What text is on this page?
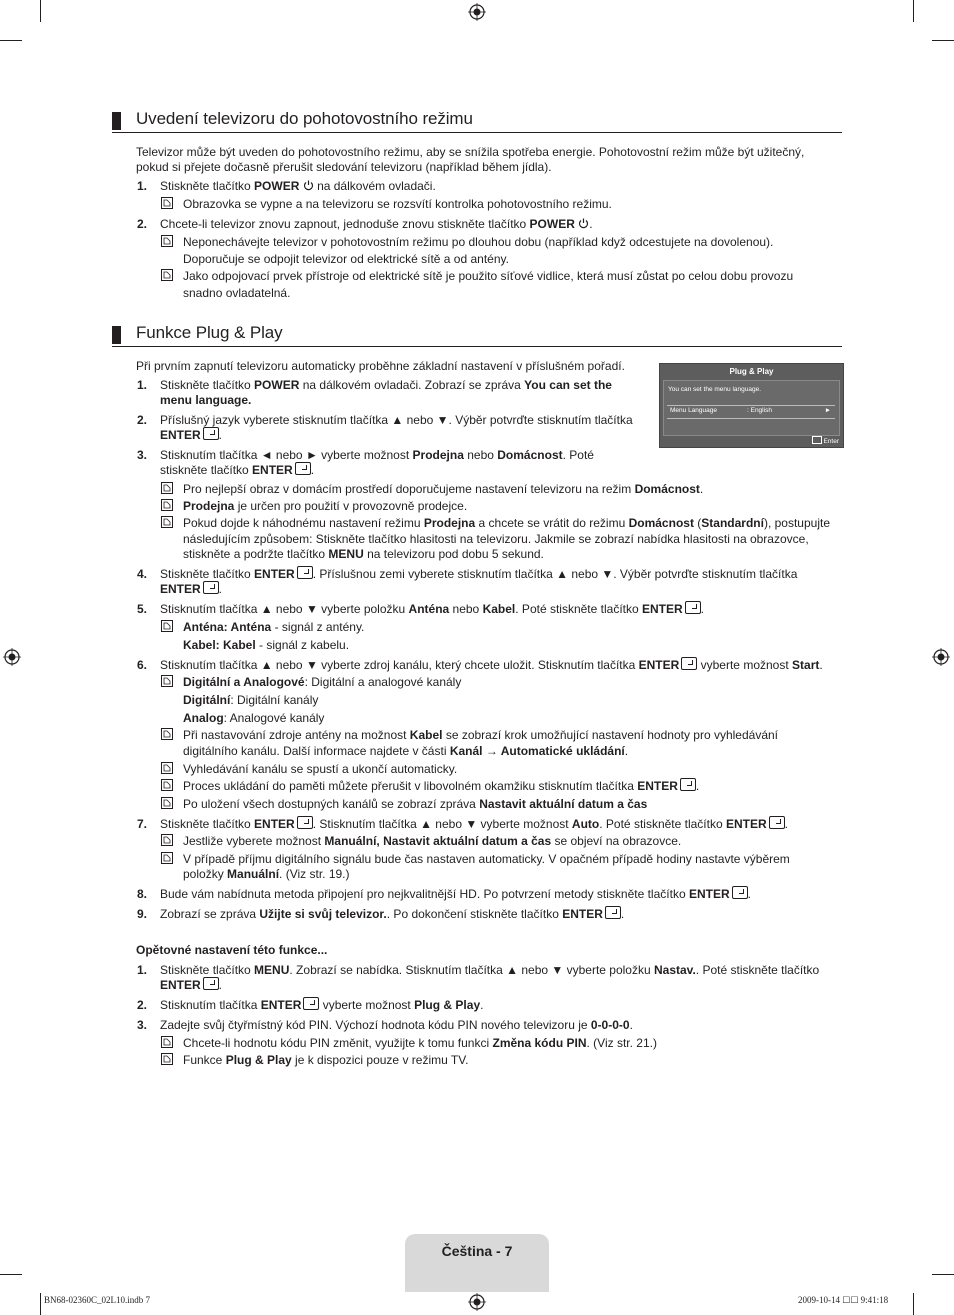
Uvedení televizoru do pohotovostního režimu
Televizor může být uveden do pohotovostního režimu, aby se snížila spotřeba energie. Pohotovostní režim může být užitečný,
pokud si přejete dočasně přerušit sledování televizoru (například během jídla).
1. Stiskněte tlačítko POWER  na dálkovém ovladači.
Obrazovka se vypne a na televizoru se rozsvítí kontrolka pohotovostního režimu.
2. Chcete-li televizor znovu zapnout, jednoduše znovu stiskněte tlačítko POWER .
Neponechávejte televizor v pohotovostním režimu po dlouhou dobu (například když odcestujete na dovolenou).
Doporučuje se odpojit televizor od elektrické sítě a od antény.
Jako odpojovací prvek přístroje od elektrické sítě je použito síťové vidlice, která musí zůstat po celou dobu provozu
snadno ovladatelná.
Funkce Plug & Play
Při prvním zapnutí televizoru automaticky proběhne základní nastavení v příslušném pořadí.	Plug & Play
You can set the menu language.
Menu Language	: English	►
Enter
1. Stiskněte tlačítko POWER na dálkovém ovladači. Zobrazí se zpráva You can set the
menu language.
2. Příslušný jazyk vyberete stisknutím tlačítka ▲ nebo ▼. Výběr potvrďte stisknutím tlačítka
ENTER .
3. Stisknutím tlačítka ◄ nebo ► vyberte možnost Prodejna nebo Domácnost. Poté
stiskněte tlačítko ENTER .
Pro nejlepší obraz v domácím prostředí doporučujeme nastavení televizoru na režim Domácnost.
Prodejna je určen pro použití v provozovně prodejce.
Pokud dojde k náhodnému nastavení režimu Prodejna a chcete se vrátit do režimu Domácnost (Standardní), postupujte
následujícím způsobem: Stiskněte tlačítko hlasitosti na televizoru. Jakmile se zobrazí nabídka hlasitosti na obrazovce,
stiskněte a podržte tlačítko MENU na televizoru pod dobu 5 sekund.
4. Stiskněte tlačítko ENTER . Příslušnou zemi vyberete stisknutím tlačítka ▲ nebo ▼. Výběr potvrďte stisknutím tlačítka
ENTER .
5. Stisknutím tlačítka ▲ nebo ▼ vyberte položku Anténa nebo Kabel. Poté stiskněte tlačítko ENTER .
Anténa: Anténa - signál z antény.
Kabel: Kabel - signál z kabelu.
6. Stisknutím tlačítka ▲ nebo ▼ vyberte zdroj kanálu, který chcete uložit. Stisknutím tlačítka ENTER vyberte možnost Start.
Digitální a Analogové: Digitální a analogové kanály
Digitální: Digitální kanály
Analog: Analogové kanály
Při nastavování zdroje antény na možnost Kabel se zobrazí krok umožňující nastavení hodnoty pro vyhledávání
digitálního kanálu. Další informace najdete v části Kanál → Automatické ukládání.
Vyhledávání kanálu se spustí a ukončí automaticky.
Proces ukládání do paměti můžete přerušit v libovolném okamžiku stisknutím tlačítka ENTER .
Po uložení všech dostupných kanálů se zobrazí zpráva Nastavit aktuální datum a čas
7. Stiskněte tlačítko ENTER . Stisknutím tlačítka ▲ nebo ▼ vyberte možnost Auto. Poté stiskněte tlačítko ENTER .
Jestliže vyberete možnost Manuální, Nastavit aktuální datum a čas se objeví na obrazovce.
V případě příjmu digitálního signálu bude čas nastaven automaticky. V opačném případě hodiny nastavte výběrem
položky Manuální. (Viz str. 19.)
8. Bude vám nabídnuta metoda připojení pro nejkvalitnější HD. Po potvrzení metody stiskněte tlačítko ENTER .
9. Zobrazí se zpráva Užijte si svůj televizor.. Po dokončení stiskněte tlačítko ENTER .
Opětovné nastavení této funkce...
1. Stiskněte tlačítko MENU. Zobrazí se nabídka. Stisknutím tlačítka ▲ nebo ▼ vyberte položku Nastav.. Poté stiskněte tlačítko
ENTER .
2. Stisknutím tlačítka ENTER vyberte možnost Plug & Play.
3. Zadejte svůj čtyřmístný kód PIN. Výchozí hodnota kódu PIN nového televizoru je 0-0-0-0.
Chcete-li hodnotu kódu PIN změnit, využijte k tomu funkci Změna kódu PIN. (Viz str. 21.)
Funkce Plug & Play je k dispozici pouze v režimu TV.
Čeština - 7
BN68-02360C_02L10.indb 7	2009-10-14 ☐☐ 9:41:18
